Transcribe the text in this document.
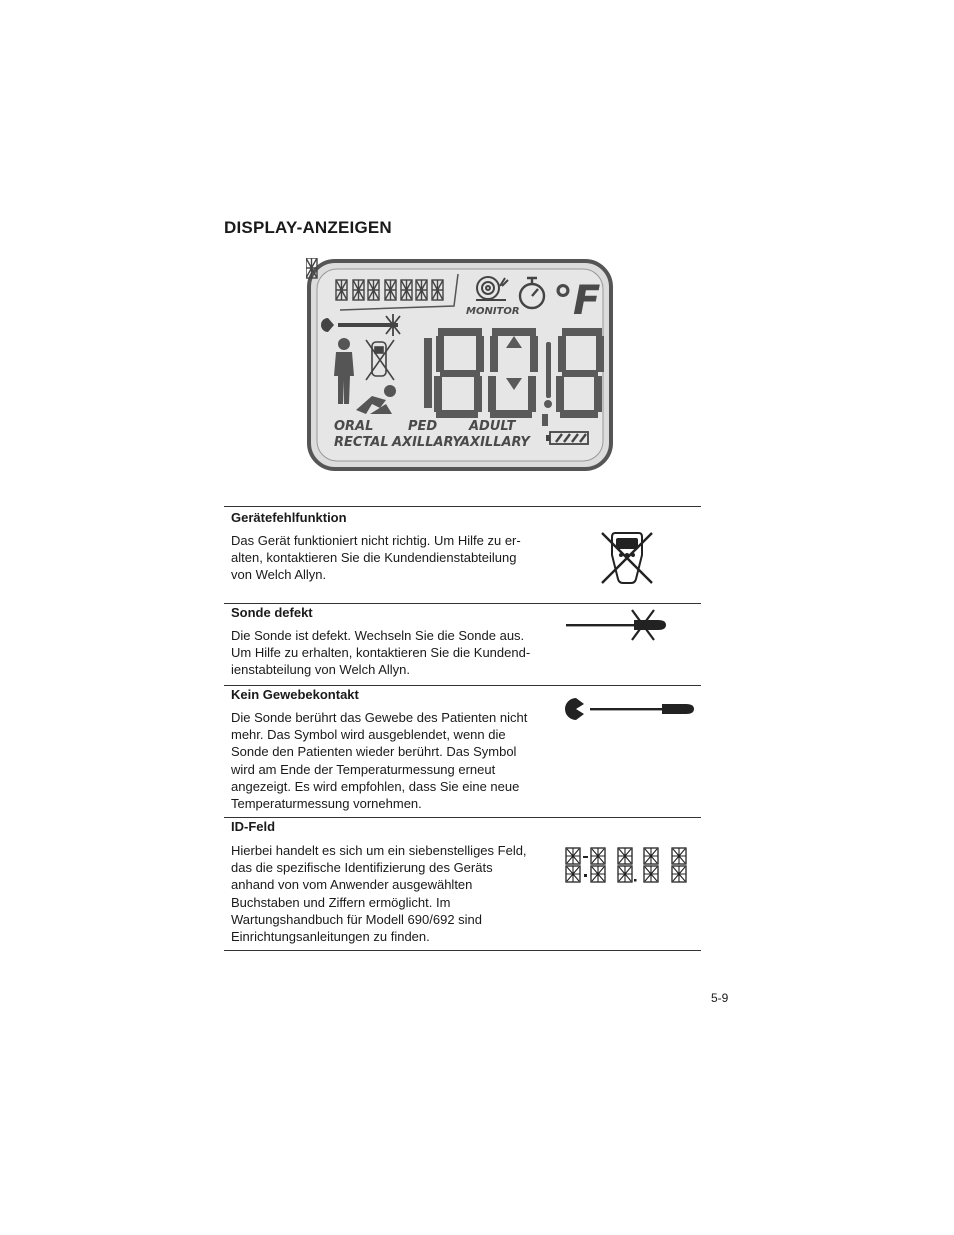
DISPLAY-ANZEIGEN
MONITOR °F
ORAL	PED ADULT
RECTAL AXILLARY
AXILLARY
Gerätefehlfunktion
Das Gerät funktioniert nicht richtig. Um Hilfe zu er-
alten, kontaktieren Sie die Kundendienstabteilung
von Welch Allyn.
Sonde defekt
Die Sonde ist defekt. Wechseln Sie die Sonde aus.
Um Hilfe zu erhalten, kontaktieren Sie die Kundend-
ienstabteilung von Welch Allyn.
Kein Gewebekontakt
Die Sonde berührt das Gewebe des Patienten nicht
mehr. Das Symbol wird ausgeblendet, wenn die
Sonde den Patienten wieder berührt. Das Symbol
wird am Ende der Temperaturmessung erneut
angezeigt. Es wird empfohlen, dass Sie eine neue
Temperaturmessung vornehmen.
ID-Feld
Hierbei handelt es sich um ein siebenstelliges Feld,
das die spezifische Identifizierung des Geräts
anhand von vom Anwender ausgewählten
Buchstaben und Ziffern ermöglicht. Im
Wartungshandbuch für Modell 690/692 sind
Einrichtungsanleitungen zu finden.
5-9
